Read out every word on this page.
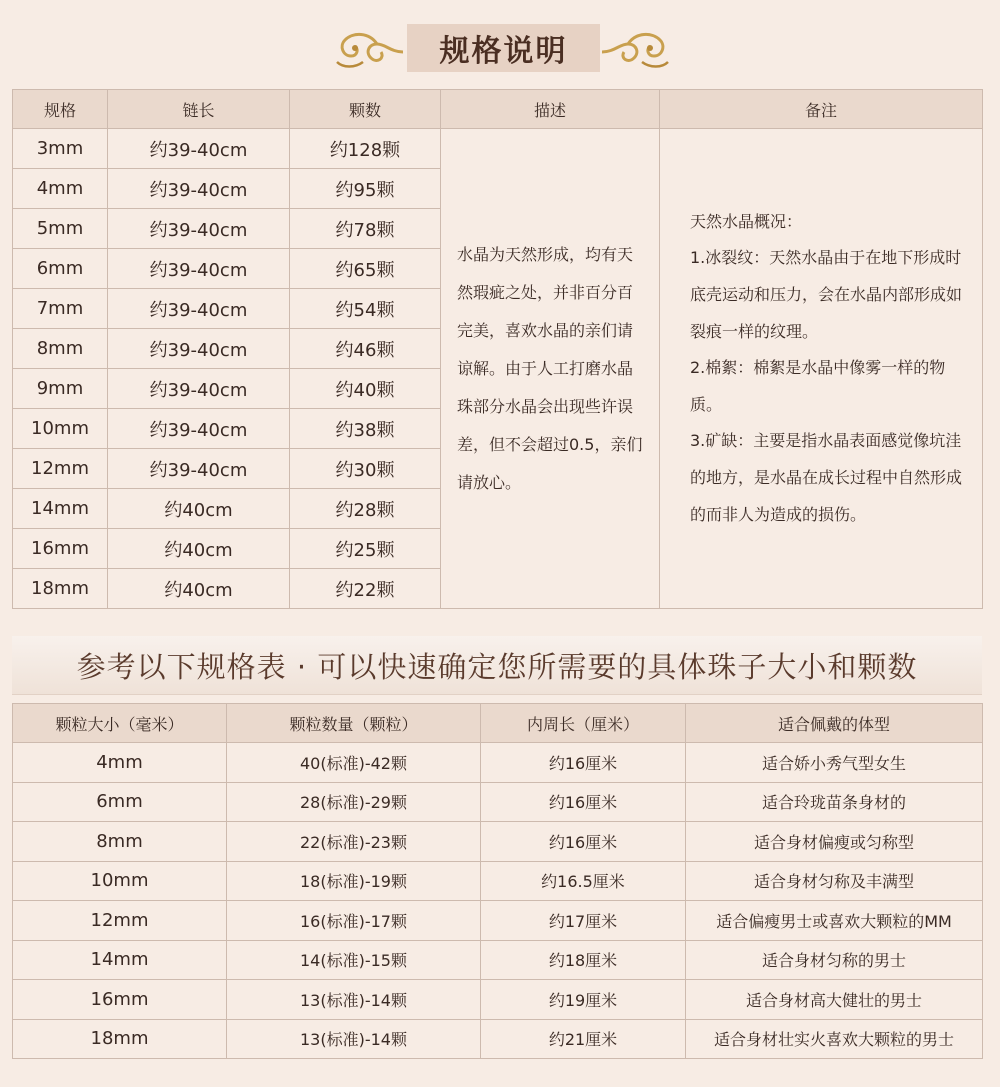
规格说明
规格	链长	颗数	描述	备注
3mm	约39-40cm	约128颗	水晶为天然形成，均有天然瑕疵之处，并非百分百完美，喜欢水晶的亲们请谅解。由于人工打磨水晶珠部分水晶会出现些许误差，但不会超过0.5，亲们请放心。	天然水晶概况：

1.冰裂纹：天然水晶由于在地下形成时底壳运动和压力，会在水晶内部形成如裂痕一样的纹理。

2.棉絮：棉絮是水晶中像雾一样的物质。

3.矿缺：主要是指水晶表面感觉像坑洼的地方，是水晶在成长过程中自然形成的而非人为造成的损伤。

4mm	约39-40cm	约95颗		
5mm	约39-40cm	约78颗		
6mm	约39-40cm	约65颗		
7mm	约39-40cm	约54颗		
8mm	约39-40cm	约46颗		
9mm	约39-40cm	约40颗		
10mm	约39-40cm	约38颗		
12mm	约39-40cm	约30颗		
14mm	约40cm	约28颗		
16mm	约40cm	约25颗		
18mm	约40cm	约22颗		
参考以下规格表 · 可以快速确定您所需要的具体珠子大小和颗数
颗粒大小（毫米）	颗粒数量（颗粒）	内周长（厘米）	适合佩戴的体型
4mm	40(标准)-42颗	约16厘米	适合娇小秀气型女生
6mm	28(标准)-29颗	约16厘米	适合玲珑苗条身材的
8mm	22(标准)-23颗	约16厘米	适合身材偏瘦或匀称型
10mm	18(标准)-19颗	约16.5厘米	适合身材匀称及丰满型
12mm	16(标准)-17颗	约17厘米	适合偏瘦男士或喜欢大颗粒的MM
14mm	14(标准)-15颗	约18厘米	适合身材匀称的男士
16mm	13(标准)-14颗	约19厘米	适合身材高大健壮的男士
18mm	13(标准)-14颗	约21厘米	适合身材壮实火喜欢大颗粒的男士
